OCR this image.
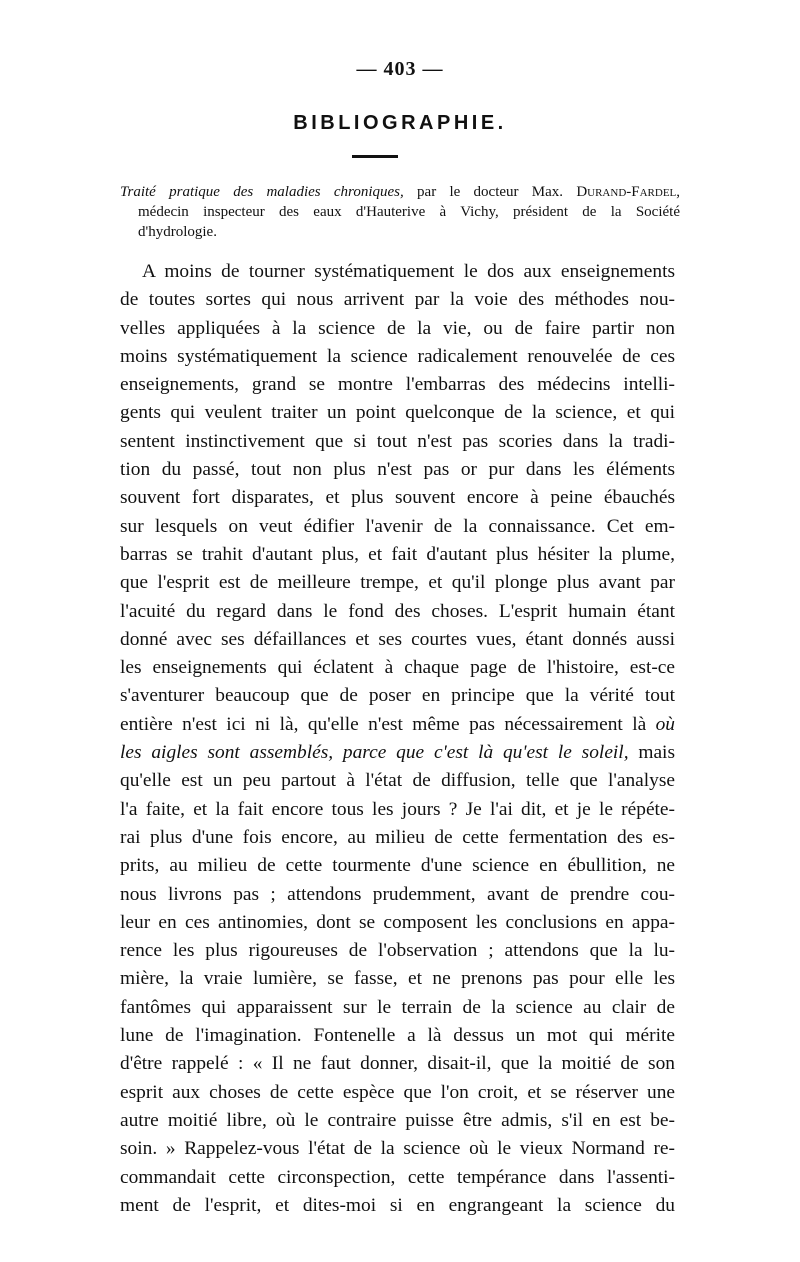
— 403 —
BIBLIOGRAPHIE.
Traité pratique des maladies chroniques, par le docteur Max. Durand-Fardel,
médecin inspecteur des eaux d'Hauterive à Vichy, président de la Société
d'hydrologie.
A moins de tourner systématiquement le dos aux enseignements
de toutes sortes qui nous arrivent par la voie des méthodes nou-
velles appliquées à la science de la vie, ou de faire partir non
moins systématiquement la science radicalement renouvelée de ces
enseignements, grand se montre l'embarras des médecins intelli-
gents qui veulent traiter un point quelconque de la science, et qui
sentent instinctivement que si tout n'est pas scories dans la tradi-
tion du passé, tout non plus n'est pas or pur dans les éléments
souvent fort disparates, et plus souvent encore à peine ébauchés
sur lesquels on veut édifier l'avenir de la connaissance. Cet em-
barras se trahit d'autant plus, et fait d'autant plus hésiter la plume,
que l'esprit est de meilleure trempe, et qu'il plonge plus avant par
l'acuité du regard dans le fond des choses. L'esprit humain étant
donné avec ses défaillances et ses courtes vues, étant donnés aussi
les enseignements qui éclatent à chaque page de l'histoire, est-ce
s'aventurer beaucoup que de poser en principe que la vérité tout
entière n'est ici ni là, qu'elle n'est même pas nécessairement là où
les aigles sont assemblés, parce que c'est là qu'est le soleil, mais
qu'elle est un peu partout à l'état de diffusion, telle que l'analyse
l'a faite, et la fait encore tous les jours ? Je l'ai dit, et je le répéte-
rai plus d'une fois encore, au milieu de cette fermentation des es-
prits, au milieu de cette tourmente d'une science en ébullition, ne
nous livrons pas ; attendons prudemment, avant de prendre cou-
leur en ces antinomies, dont se composent les conclusions en appa-
rence les plus rigoureuses de l'observation ; attendons que la lu-
mière, la vraie lumière, se fasse, et ne prenons pas pour elle les
fantômes qui apparaissent sur le terrain de la science au clair de
lune de l'imagination. Fontenelle a là dessus un mot qui mérite
d'être rappelé : « Il ne faut donner, disait-il, que la moitié de son
esprit aux choses de cette espèce que l'on croit, et se réserver une
autre moitié libre, où le contraire puisse être admis, s'il en est be-
soin. » Rappelez-vous l'état de la science où le vieux Normand re-
commandait cette circonspection, cette tempérance dans l'assenti-
ment de l'esprit, et dites-moi si en engrangeant la science du
